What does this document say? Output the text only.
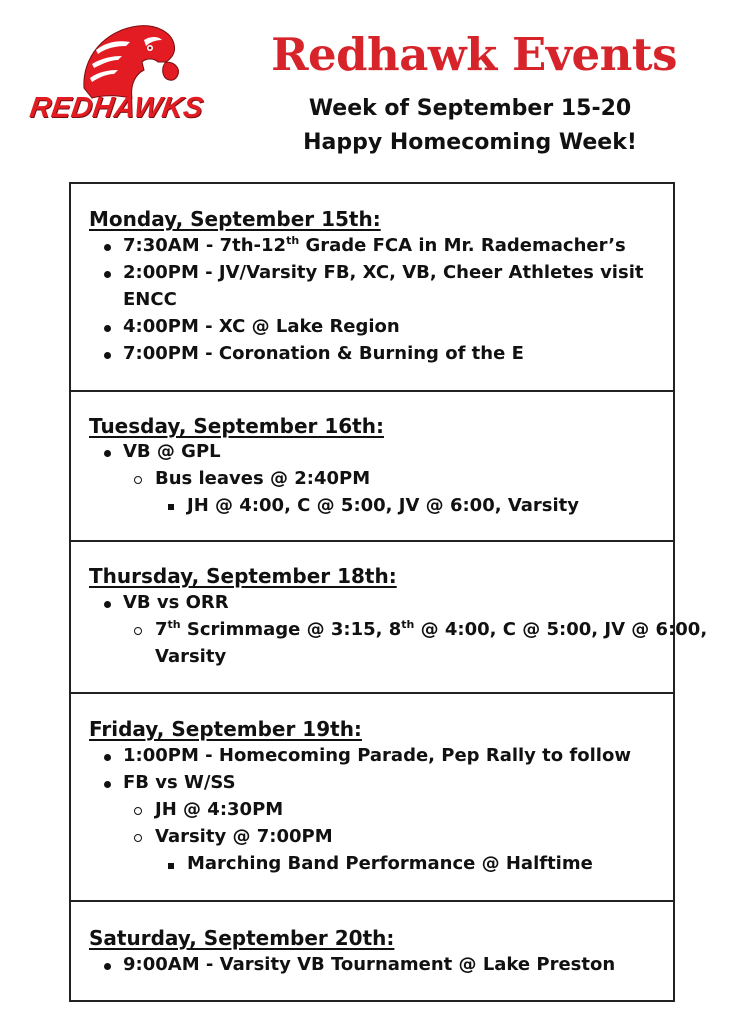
REDHAWKS
Redhawk Events
Week of September 15-20
Happy Homecoming Week!
Monday, September 15th:
7:30AM - 7th-12th Grade FCA in Mr. Rademacher’s
2:00PM - JV/Varsity FB, XC, VB, Cheer Athletes visit
ENCC
4:00PM - XC @ Lake Region
7:00PM - Coronation & Burning of the E
Tuesday, September 16th:
VB @ GPL
Bus leaves @ 2:40PM
JH @ 4:00, C @ 5:00, JV @ 6:00, Varsity
Thursday, September 18th:
VB vs ORR
7th Scrimmage @ 3:15, 8th @ 4:00, C @ 5:00, JV @ 6:00,
Varsity
Friday, September 19th:
1:00PM - Homecoming Parade, Pep Rally to follow
FB vs W/SS
JH @ 4:30PM
Varsity @ 7:00PM
Marching Band Performance @ Halftime
Saturday, September 20th:
9:00AM - Varsity VB Tournament @ Lake Preston
